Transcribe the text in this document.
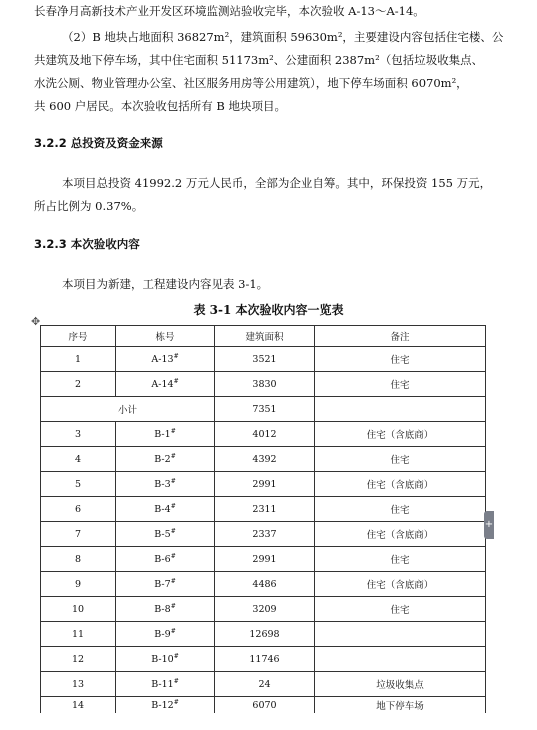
长春净月高新技术产业开发区环境监测站验收完毕，本次验收 A-13～A-14。
（2）B 地块占地面积 36827m²，建筑面积 59630m²，主要建设内容包括住宅楼、公
共建筑及地下停车场，其中住宅面积 51173m²、公建面积 2387m²（包括垃圾收集点、
水洗公厕、物业管理办公室、社区服务用房等公用建筑），地下停车场面积 6070m²，
共 600 户居民。本次验收包括所有 B 地块项目。
3.2.2 总投资及资金来源
本项目总投资 41992.2 万元人民币，全部为企业自筹。其中，环保投资 155 万元，
所占比例为 0.37%。
3.2.3 本次验收内容
本项目为新建，工程建设内容见表 3-1。
表 3-1 本次验收内容一览表
✥
序号	栋号	建筑面积	备注
1	A-13#	3521	住宅
2	A-14#	3830	住宅
小计		7351	
3	B-1#	4012	住宅（含底商）
4	B-2#	4392	住宅
5	B-3#	2991	住宅（含底商）
6	B-4#	2311	住宅
7	B-5#	2337	住宅（含底商）
8	B-6#	2991	住宅
9	B-7#	4486	住宅（含底商）
10	B-8#	3209	住宅
11	B-9#	12698	
12	B-10#	11746	
13	B-11#	24	垃圾收集点
14	B-12#	6070	地下停车场
+
